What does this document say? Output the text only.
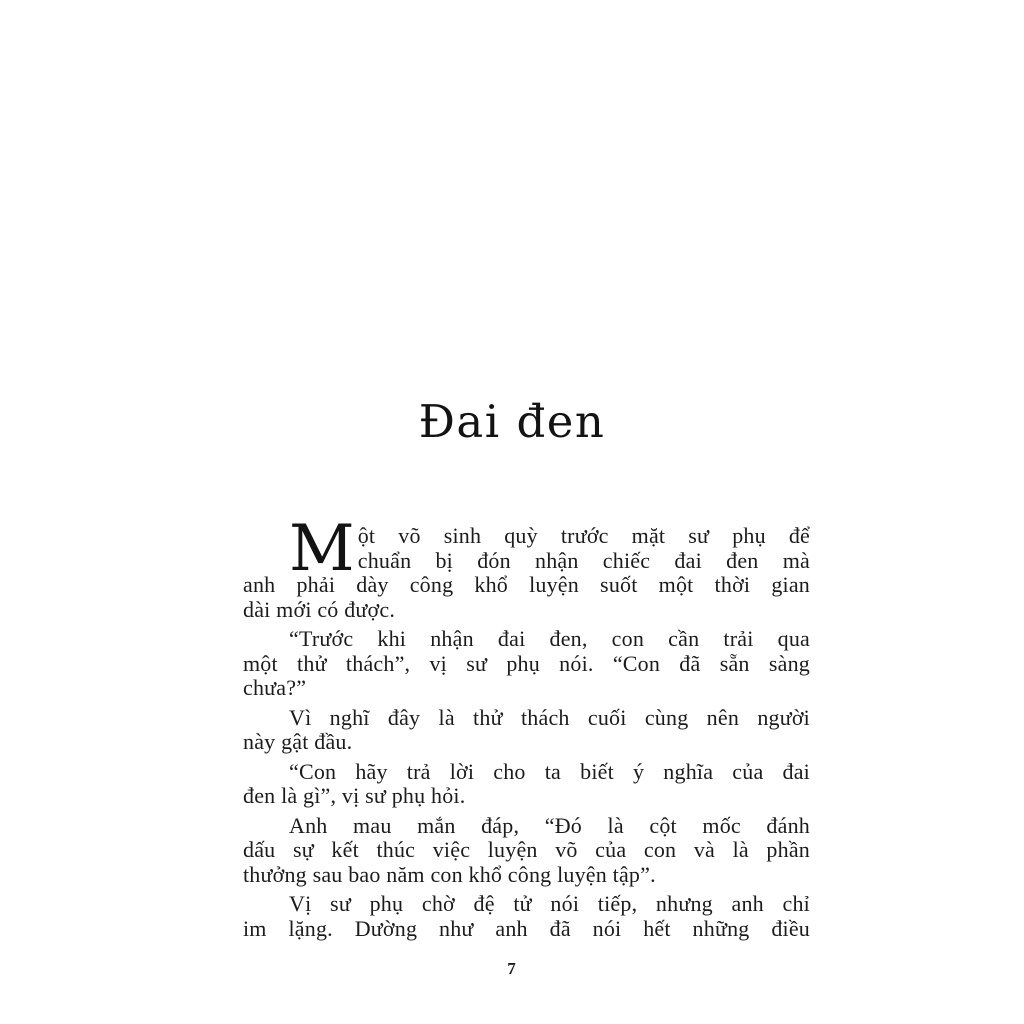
Đai đen
M ột võ sinh quỳ trước mặt sư phụ để
chuẩn bị đón nhận chiếc đai đen mà
anh phải dày công khổ luyện suốt một thời gian
dài mới có được.
“Trước khi nhận đai đen, con cần trải qua
một thử thách”, vị sư phụ nói. “Con đã sẵn sàng
chưa?”
Vì nghĩ đây là thử thách cuối cùng nên người
này gật đầu.
“Con hãy trả lời cho ta biết ý nghĩa của đai
đen là gì”, vị sư phụ hỏi.
Anh mau mắn đáp, “Đó là cột mốc đánh
dấu sự kết thúc việc luyện võ của con và là phần
thưởng sau bao năm con khổ công luyện tập”.
Vị sư phụ chờ đệ tử nói tiếp, nhưng anh chỉ
im lặng. Dường như anh đã nói hết những điều
7
